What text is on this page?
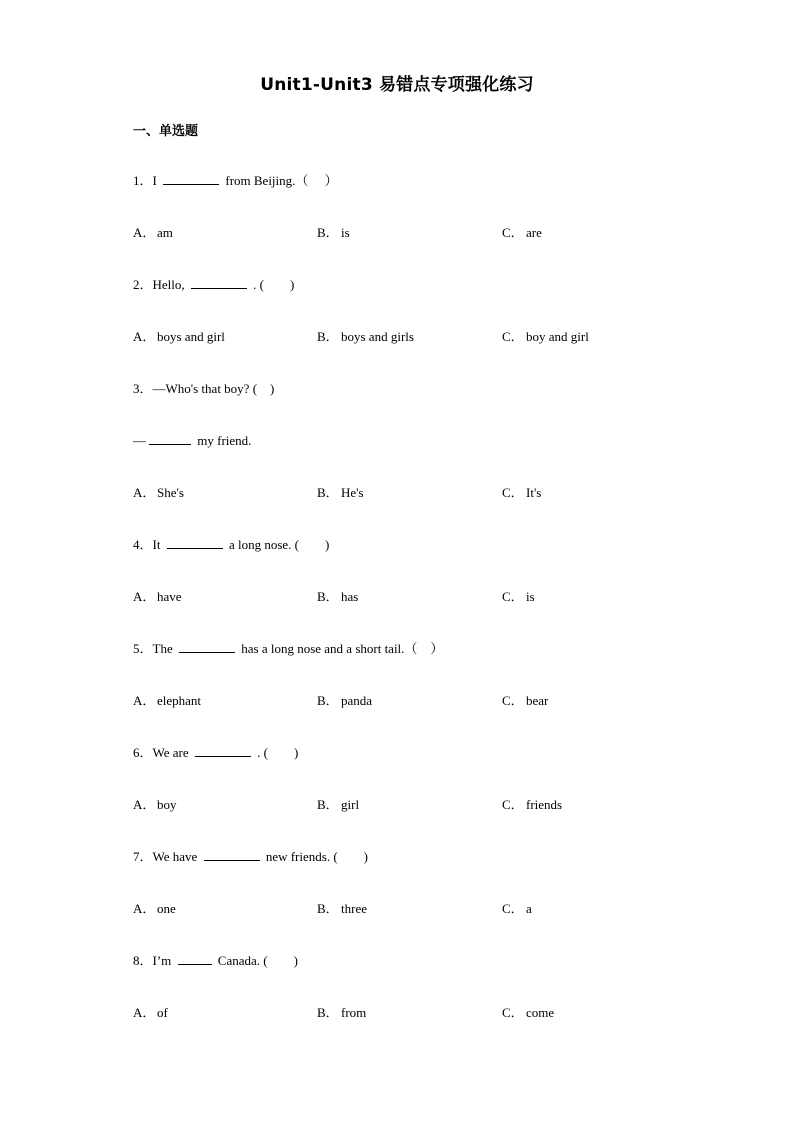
Unit1-Unit3 易错点专项强化练习
一、单选题
1．I	from Beijing.（　 ）
A． am	B． is	C． are
2．Hello,	. (　　)
A． boys and girl	B． boys and girls	C． boy and girl
3．—Who's that boy? (　)
—	my friend.
A． She's	B． He's	C． It's
4．It	a long nose. (　　)
A． have	B． has	C． is
5．The	has a long nose and a short tail.（　）
A． elephant	B． panda	C． bear
6．We are	. (　　)
A． boy	B． girl	C． friends
7．We have	new friends. (　　)
A． one	B． three	C． a
8．I’m	Canada. (　　)
A． of	B． from	C． come
